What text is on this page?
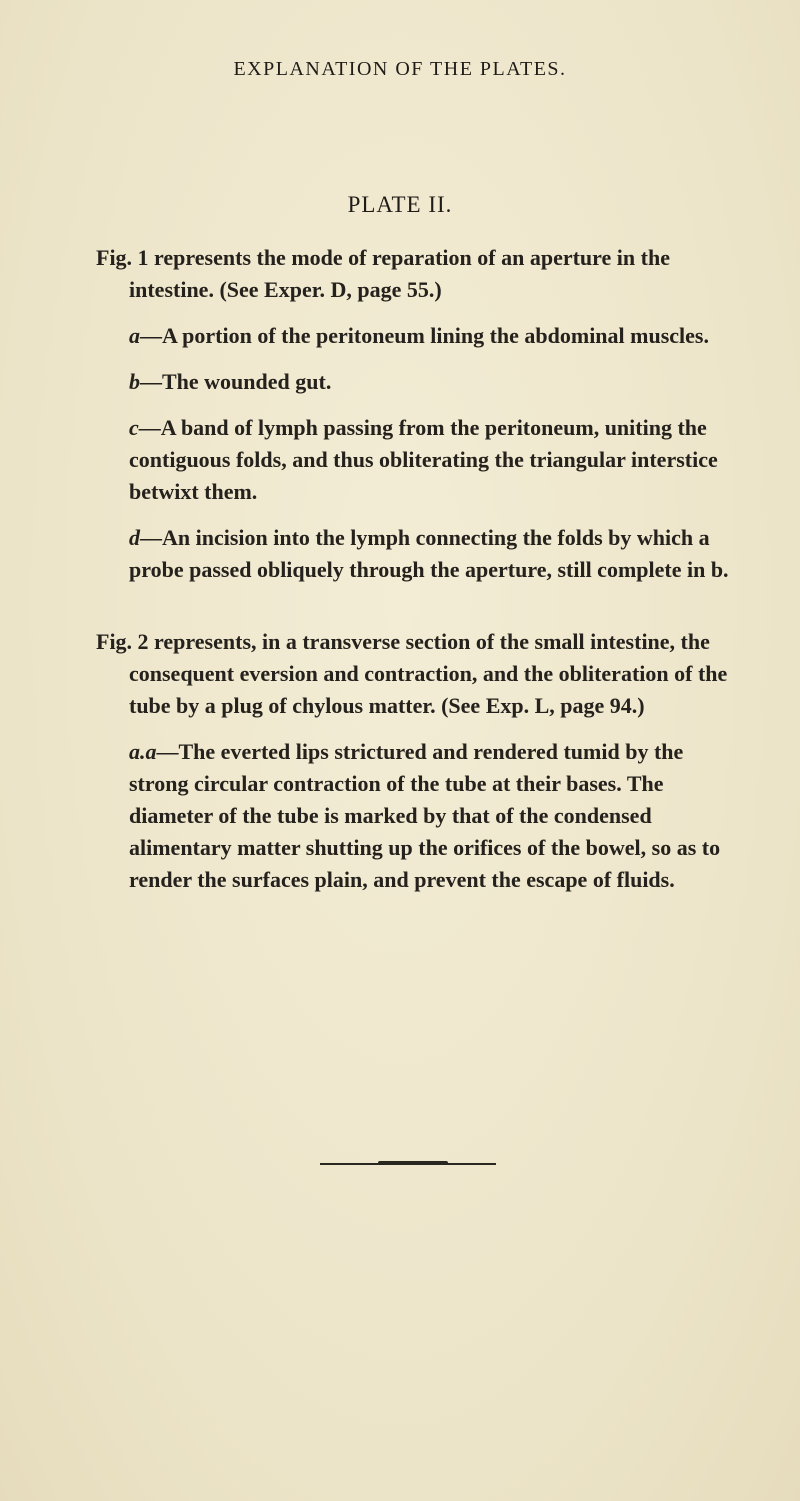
EXPLANATION OF THE PLATES.
PLATE II.

Fig. 1 represents the mode of reparation of an aperture in the intestine. (See Exper. D, page 55.)

a—A portion of the peritoneum lining the abdominal muscles.

b—The wounded gut.

c—A band of lymph passing from the peritoneum, uniting the contiguous folds, and thus obliterating the triangular interstice betwixt them.

d—An incision into the lymph connecting the folds by which a probe passed obliquely through the aperture, still complete in b.

Fig. 2 represents, in a transverse section of the small intestine, the consequent eversion and contraction, and the obliteration of the tube by a plug of chylous matter. (See Exp. L, page 94.)

a.a—The everted lips strictured and rendered tumid by the strong circular contraction of the tube at their bases. The diameter of the tube is marked by that of the condensed alimentary matter shutting up the orifices of the bowel, so as to render the surfaces plain, and prevent the escape of fluids.
